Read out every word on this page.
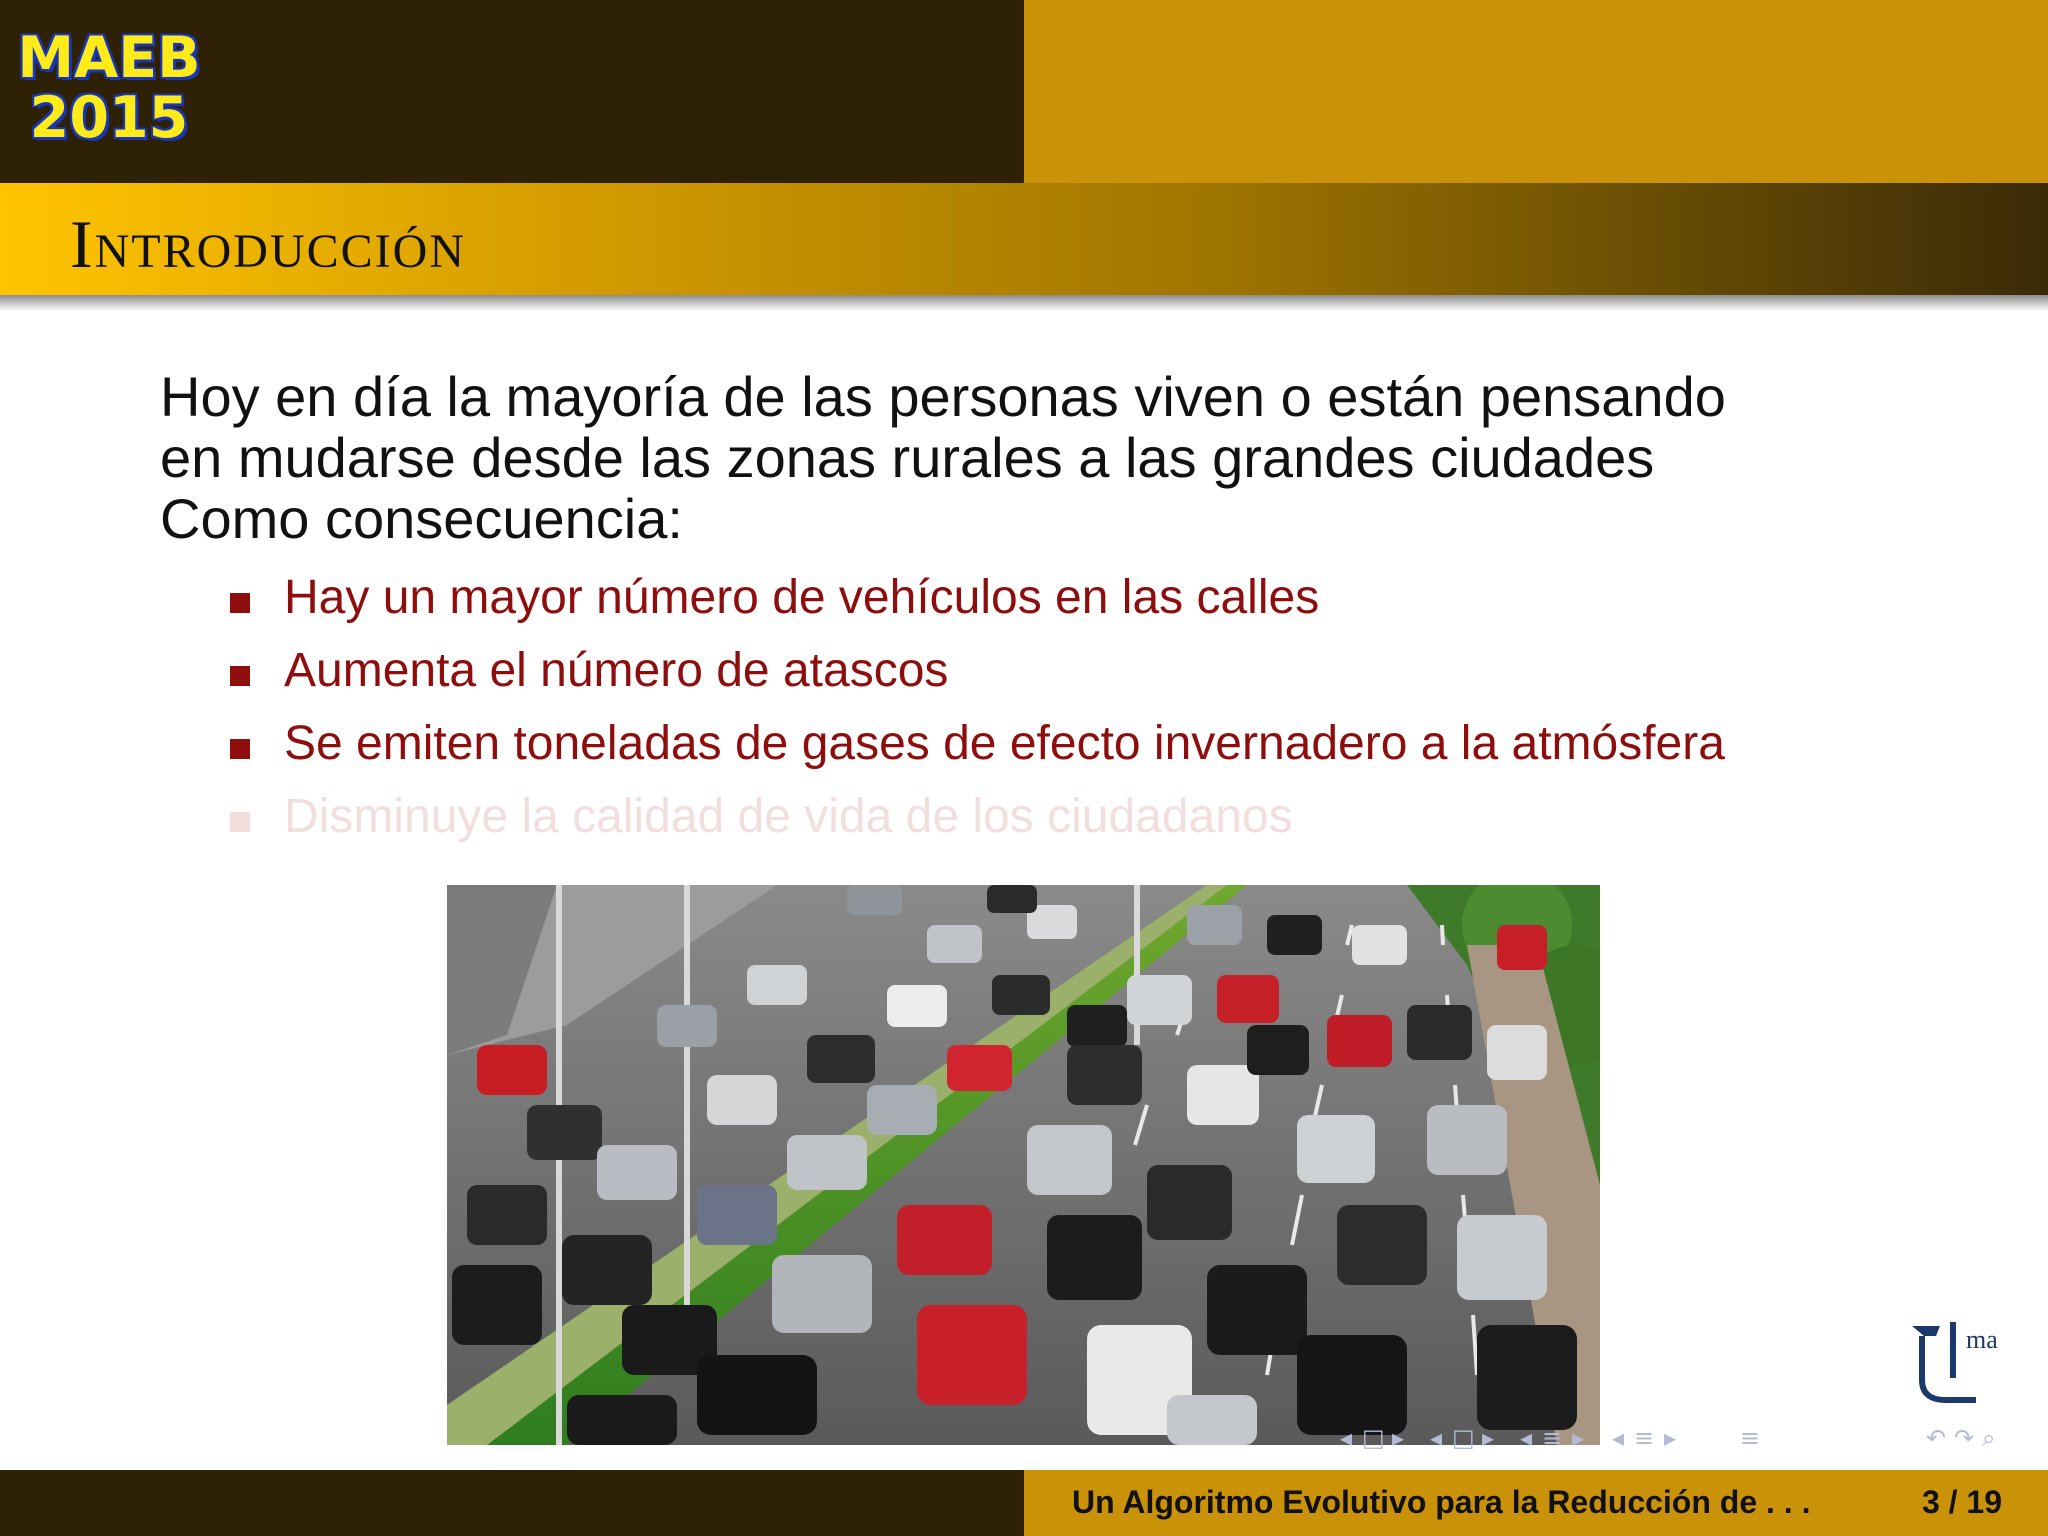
MAEB
2015
Introducción
Hoy en día la mayoría de las personas viven o están pensando
en mudarse desde las zonas rurales a las grandes ciudades
Como consecuencia:
Hay un mayor número de vehículos en las calles
Aumenta el número de atascos
Se emiten toneladas de gases de efecto invernadero a la atmósfera
Disminuye la calidad de vida de los ciudadanos
ma
◂ □ ▸ ◂ □ ▸ ◂ ≡ ▸ ◂ ≡ ▸	≡	↶ ↷ ⌕
Un Algoritmo Evolutivo para la Reducción de . . .	3 / 19
